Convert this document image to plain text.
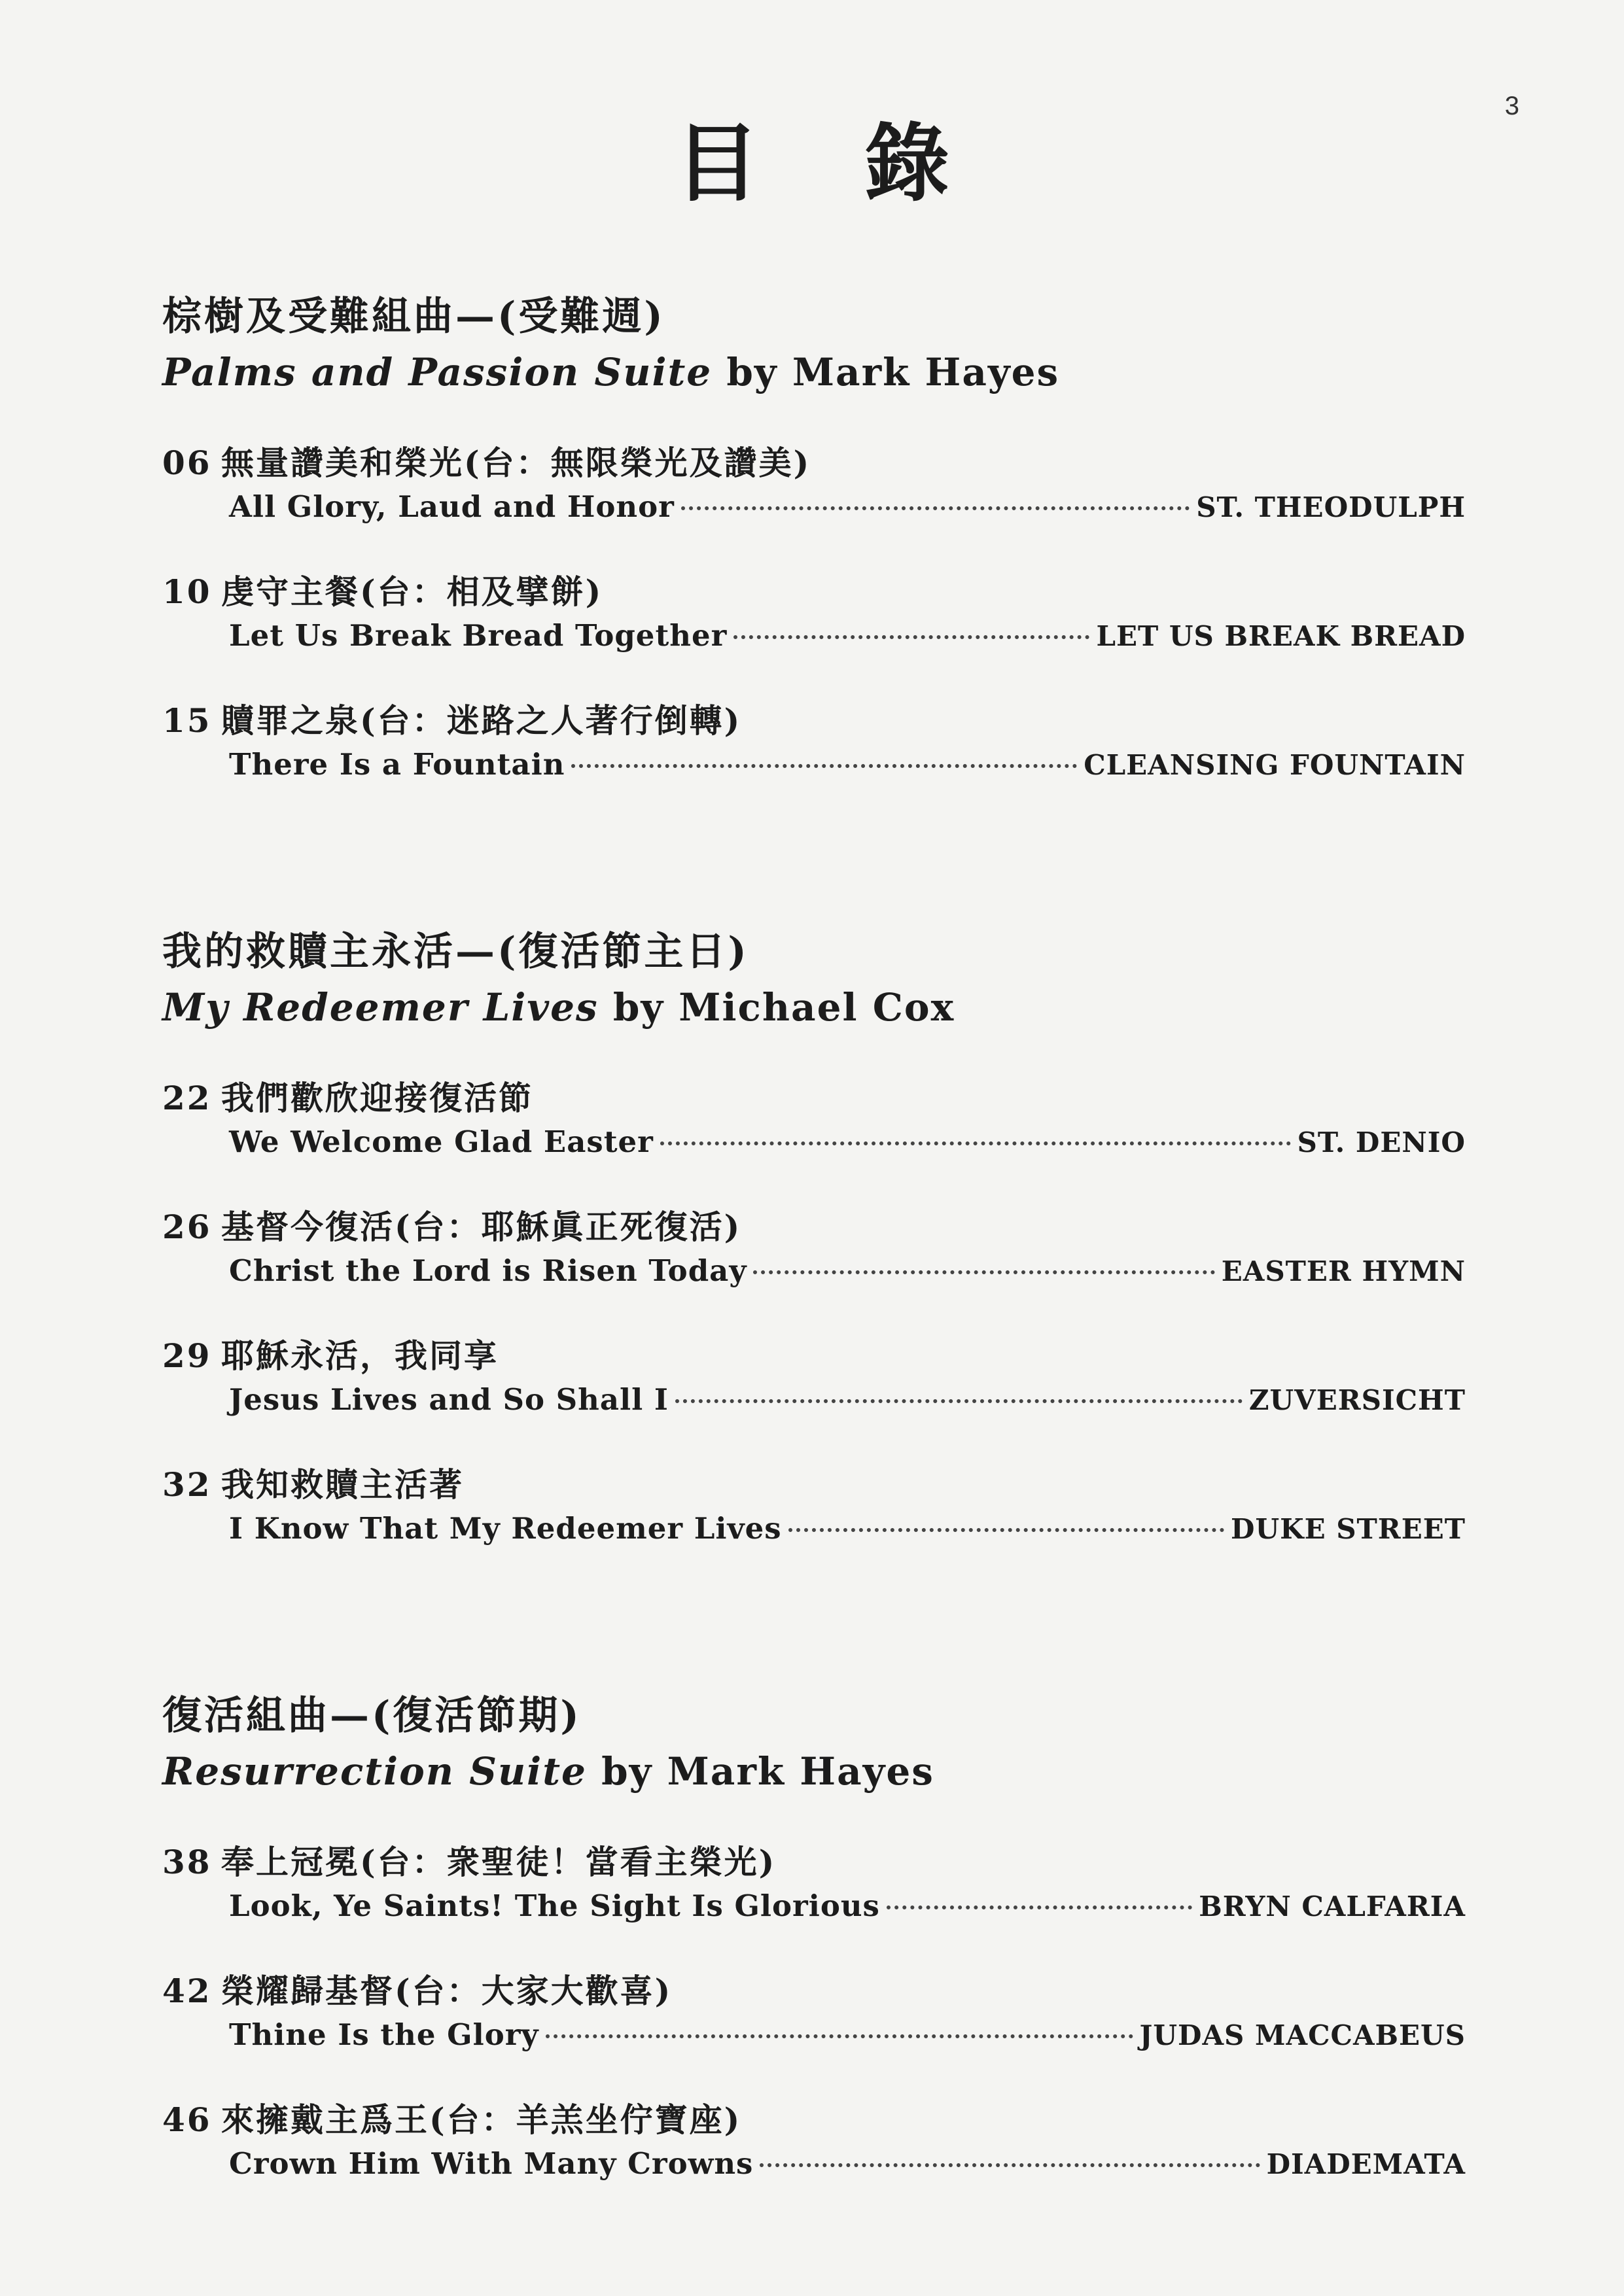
3
目錄
棕樹及受難組曲—(受難週)
Palms and Passion Suite by Mark Hayes
06 無量讚美和榮光(台：無限榮光及讚美)
All Glory, Laud and Honor	ST. THEODULPH
10 虔守主餐(台：相及擘餅)
Let Us Break Bread Together	LET US BREAK BREAD
15 贖罪之泉(台：迷路之人著行倒轉)
There Is a Fountain	CLEANSING FOUNTAIN
我的救贖主永活—(復活節主日)
My Redeemer Lives by Michael Cox
22 我們歡欣迎接復活節
We Welcome Glad Easter	ST. DENIO
26 基督今復活(台：耶穌眞正死復活)
Christ the Lord is Risen Today	EASTER HYMN
29 耶穌永活，我同享
Jesus Lives and So Shall I	ZUVERSICHT
32 我知救贖主活著
I Know That My Redeemer Lives	DUKE STREET
復活組曲—(復活節期)
Resurrection Suite by Mark Hayes
38 奉上冠冕(台：衆聖徒！當看主榮光)
Look, Ye Saints! The Sight Is Glorious	BRYN CALFARIA
42 榮耀歸基督(台：大家大歡喜)
Thine Is the Glory	JUDAS MACCABEUS
46 來擁戴主爲王(台：羊羔坐佇寶座)
Crown Him With Many Crowns	DIADEMATA
